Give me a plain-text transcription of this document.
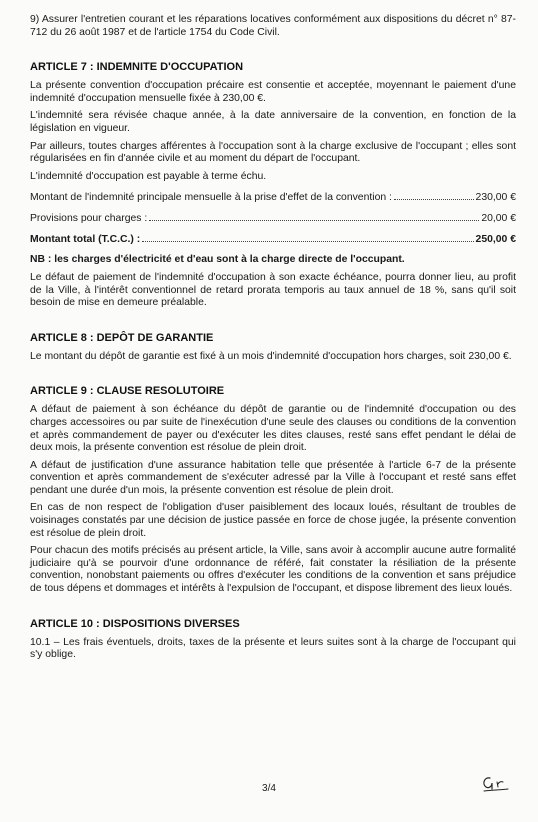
9) Assurer l'entretien courant et les réparations locatives conformément aux dispositions du décret n° 87-712 du 26 août 1987 et de l'article 1754 du Code Civil.

ARTICLE 7 : INDEMNITE D'OCCUPATION

La présente convention d'occupation précaire est consentie et acceptée, moyennant le paiement d'une indemnité d'occupation mensuelle fixée à 230,00 €.

L'indemnité sera révisée chaque année, à la date anniversaire de la convention, en fonction de la législation en vigueur.

Par ailleurs, toutes charges afférentes à l'occupation sont à la charge exclusive de l'occupant ; elles sont régularisées en fin d'année civile et au moment du départ de l'occupant.

L'indemnité d'occupation est payable à terme échu.

Montant de l'indemnité principale mensuelle à la prise d'effet de la convention :	230,00 €
Provisions pour charges :	20,00 €
Montant total (T.C.C.) :	250,00 €

NB : les charges d'électricité et d'eau sont à la charge directe de l'occupant.

Le défaut de paiement de l'indemnité d'occupation à son exacte échéance, pourra donner lieu, au profit de la Ville, à l'intérêt conventionnel de retard prorata temporis au taux annuel de 18 %, sans qu'il soit besoin de mise en demeure préalable.

ARTICLE 8 : DEPÔT DE GARANTIE

Le montant du dépôt de garantie est fixé à un mois d'indemnité d'occupation hors charges, soit 230,00 €.

ARTICLE 9 : CLAUSE RESOLUTOIRE

A défaut de paiement à son échéance du dépôt de garantie ou de l'indemnité d'occupation ou des charges accessoires ou par suite de l'inexécution d'une seule des clauses ou conditions de la convention et après commandement de payer ou d'exécuter les dites clauses, resté sans effet pendant le délai de deux mois, la présente convention est résolue de plein droit.

A défaut de justification d'une assurance habitation telle que présentée à l'article 6-7 de la présente convention et après commandement de s'exécuter adressé par la Ville à l'occupant et resté sans effet pendant une durée d'un mois, la présente convention est résolue de plein droit.

En cas de non respect de l'obligation d'user paisiblement des locaux loués, résultant de troubles de voisinages constatés par une décision de justice passée en force de chose jugée, la présente convention est résolue de plein droit.

Pour chacun des motifs précisés au présent article, la Ville, sans avoir à accomplir aucune autre formalité judiciaire qu'à se pourvoir d'une ordonnance de référé, fait constater la résiliation de la présente convention, nonobstant paiements ou offres d'exécuter les conditions de la convention et sans préjudice de tous dépens et dommages et intérêts à l'expulsion de l'occupant, et dispose librement des lieux loués.

ARTICLE 10 : DISPOSITIONS DIVERSES

10.1 – Les frais éventuels, droits, taxes de la présente et leurs suites sont à la charge de l'occupant qui s'y oblige.

3/4
